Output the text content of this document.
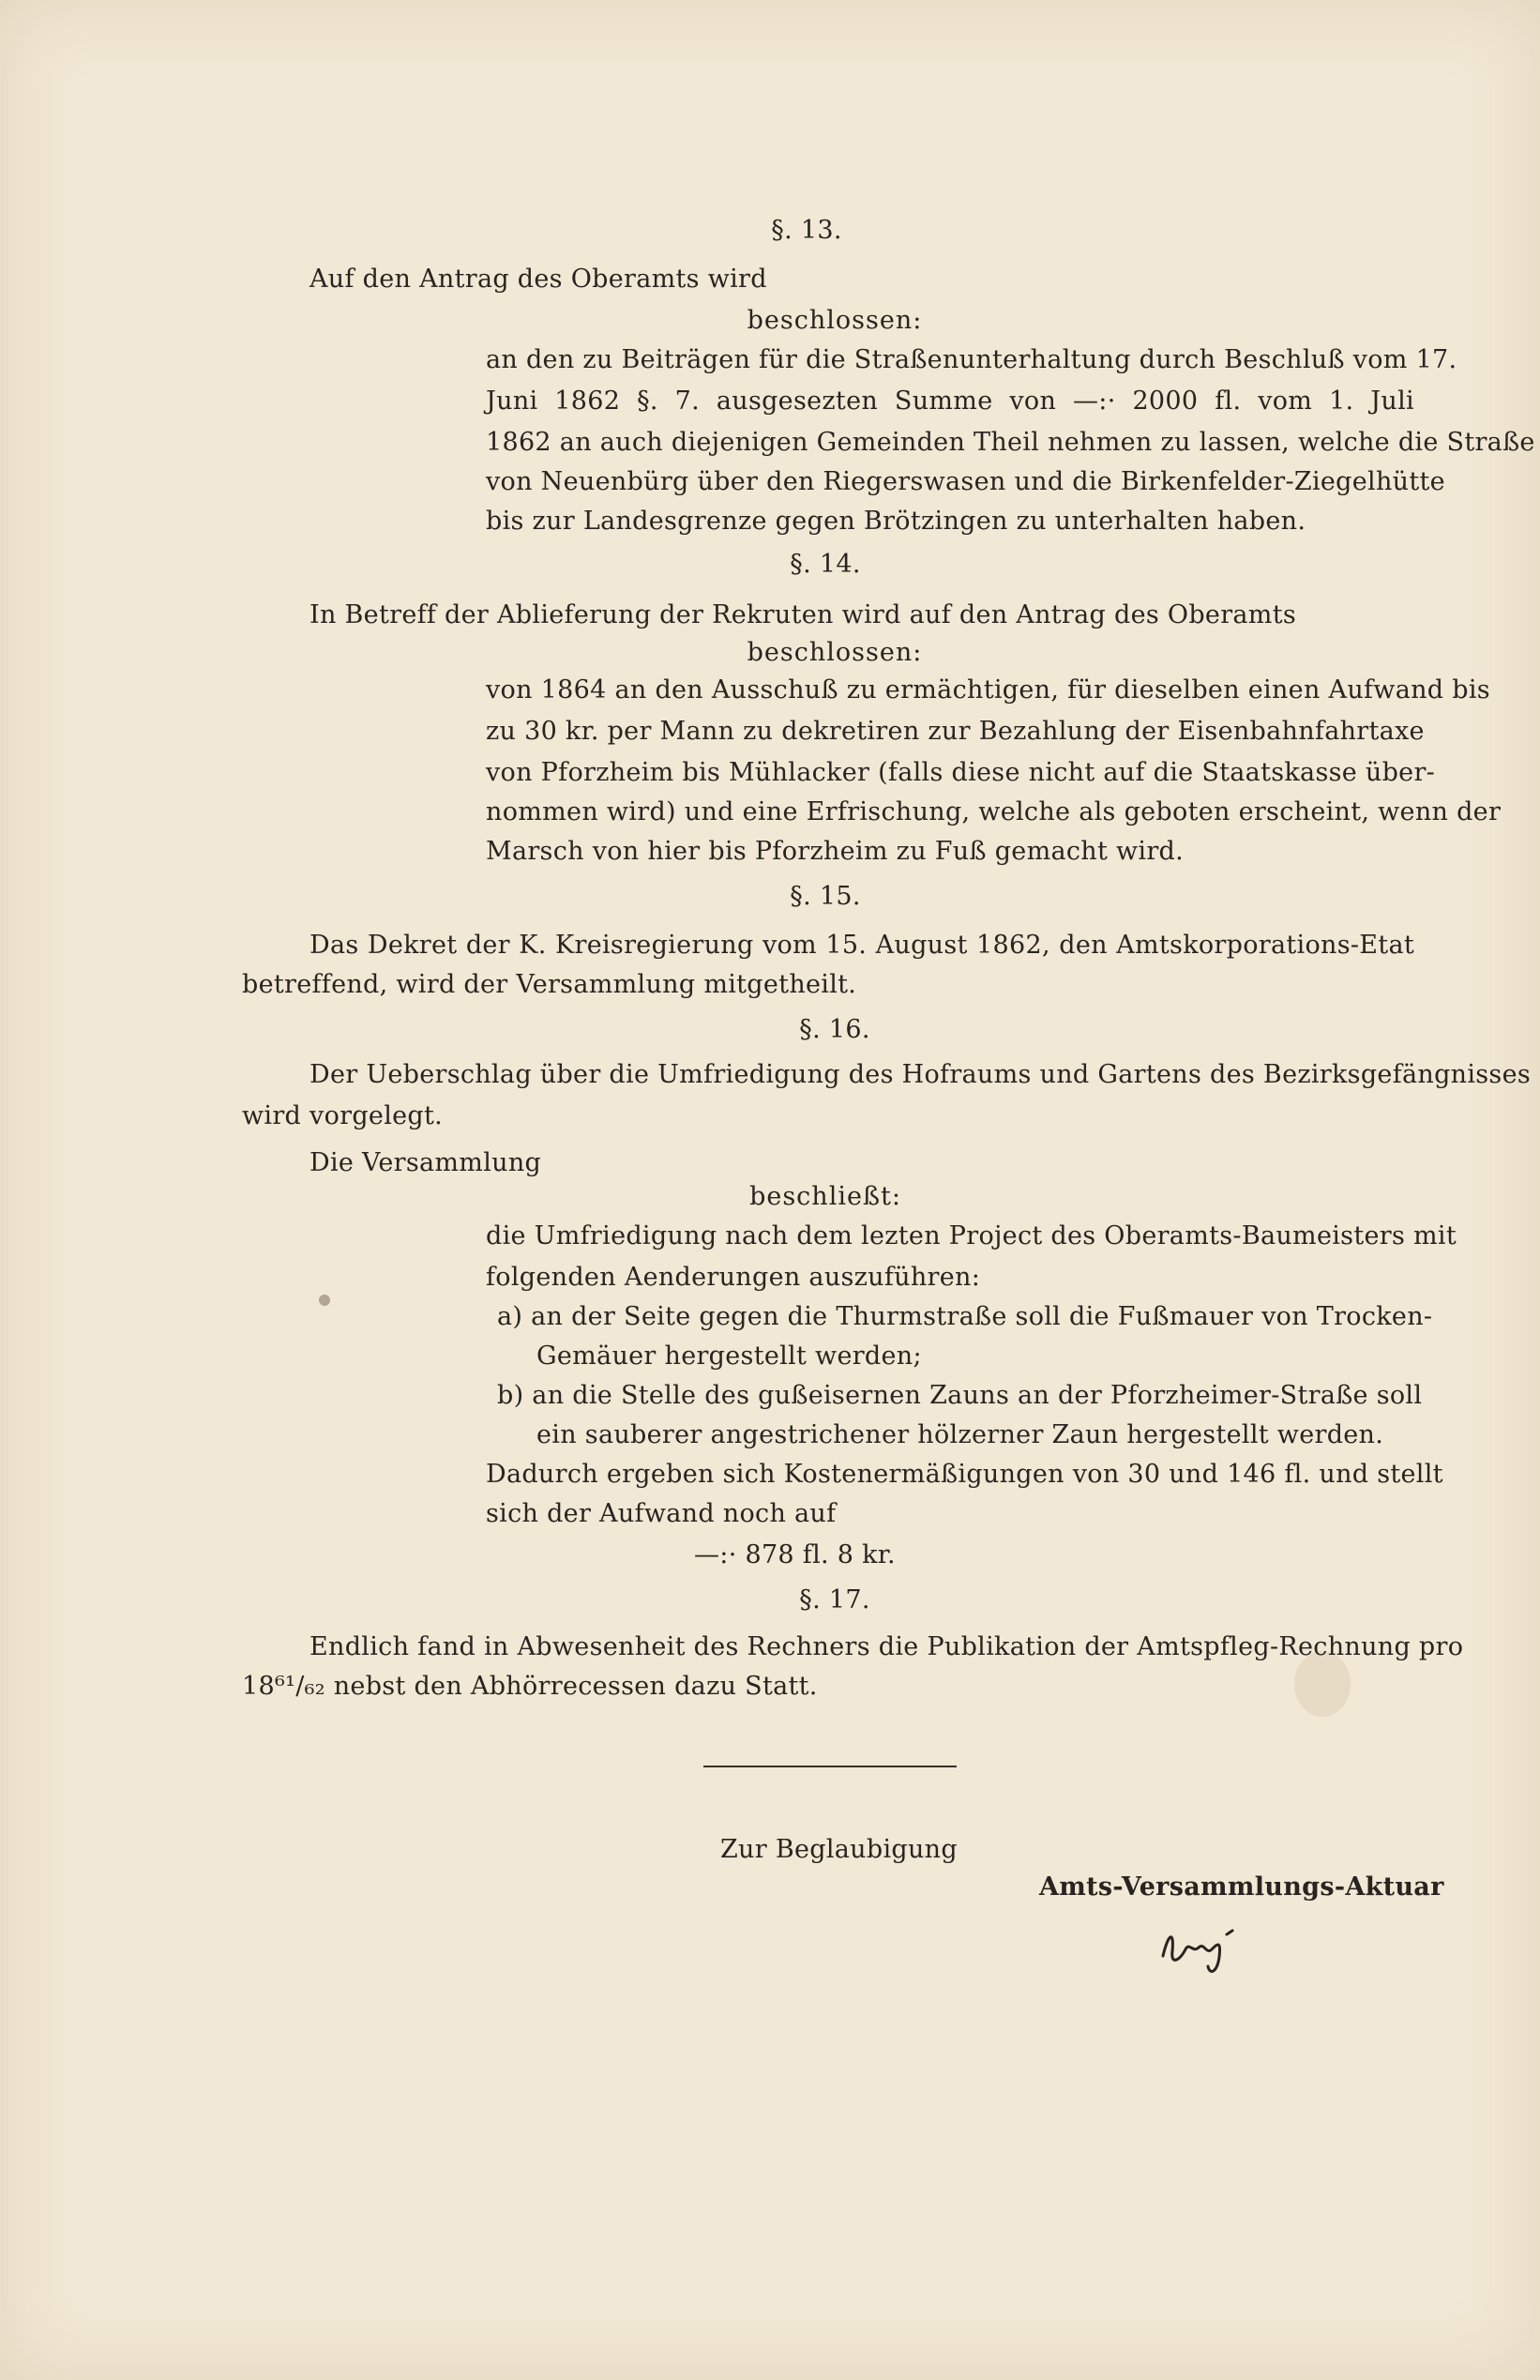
§. 13.
Auf den Antrag des Oberamts wird
beschlossen:
an den zu Beiträgen für die Straßenunterhaltung durch Beschluß vom 17.
Juni 1862 §. 7. ausgesezten Summe von —:· 2000 fl. vom 1. Juli
1862 an auch diejenigen Gemeinden Theil nehmen zu lassen, welche die Straße
von Neuenbürg über den Riegerswasen und die Birkenfelder-Ziegelhütte
bis zur Landesgrenze gegen Brötzingen zu unterhalten haben.
§. 14.
In Betreff der Ablieferung der Rekruten wird auf den Antrag des Oberamts
beschlossen:
von 1864 an den Ausschuß zu ermächtigen, für dieselben einen Aufwand bis
zu 30 kr. per Mann zu dekretiren zur Bezahlung der Eisenbahnfahrtaxe
von Pforzheim bis Mühlacker (falls diese nicht auf die Staatskasse über-
nommen wird) und eine Erfrischung, welche als geboten erscheint, wenn der
Marsch von hier bis Pforzheim zu Fuß gemacht wird.
§. 15.
Das Dekret der K. Kreisregierung vom 15. August 1862, den Amtskorporations-Etat
betreffend, wird der Versammlung mitgetheilt.
§. 16.
Der Ueberschlag über die Umfriedigung des Hofraums und Gartens des Bezirksgefängnisses
wird vorgelegt.
Die Versammlung
beschließt:
die Umfriedigung nach dem lezten Project des Oberamts-Baumeisters mit
folgenden Aenderungen auszuführen:
a) an der Seite gegen die Thurmstraße soll die Fußmauer von Trocken-
Gemäuer hergestellt werden;
b) an die Stelle des gußeisernen Zauns an der Pforzheimer-Straße soll
ein sauberer angestrichener hölzerner Zaun hergestellt werden.
Dadurch ergeben sich Kostenermäßigungen von 30 und 146 fl. und stellt
sich der Aufwand noch auf
—:· 878 fl. 8 kr.
§. 17.
Endlich fand in Abwesenheit des Rechners die Publikation der Amtspfleg-Rechnung pro
18⁶¹/₆₂ nebst den Abhörrecessen dazu Statt.
Zur Beglaubigung
Amts-Versammlungs-Aktuar
